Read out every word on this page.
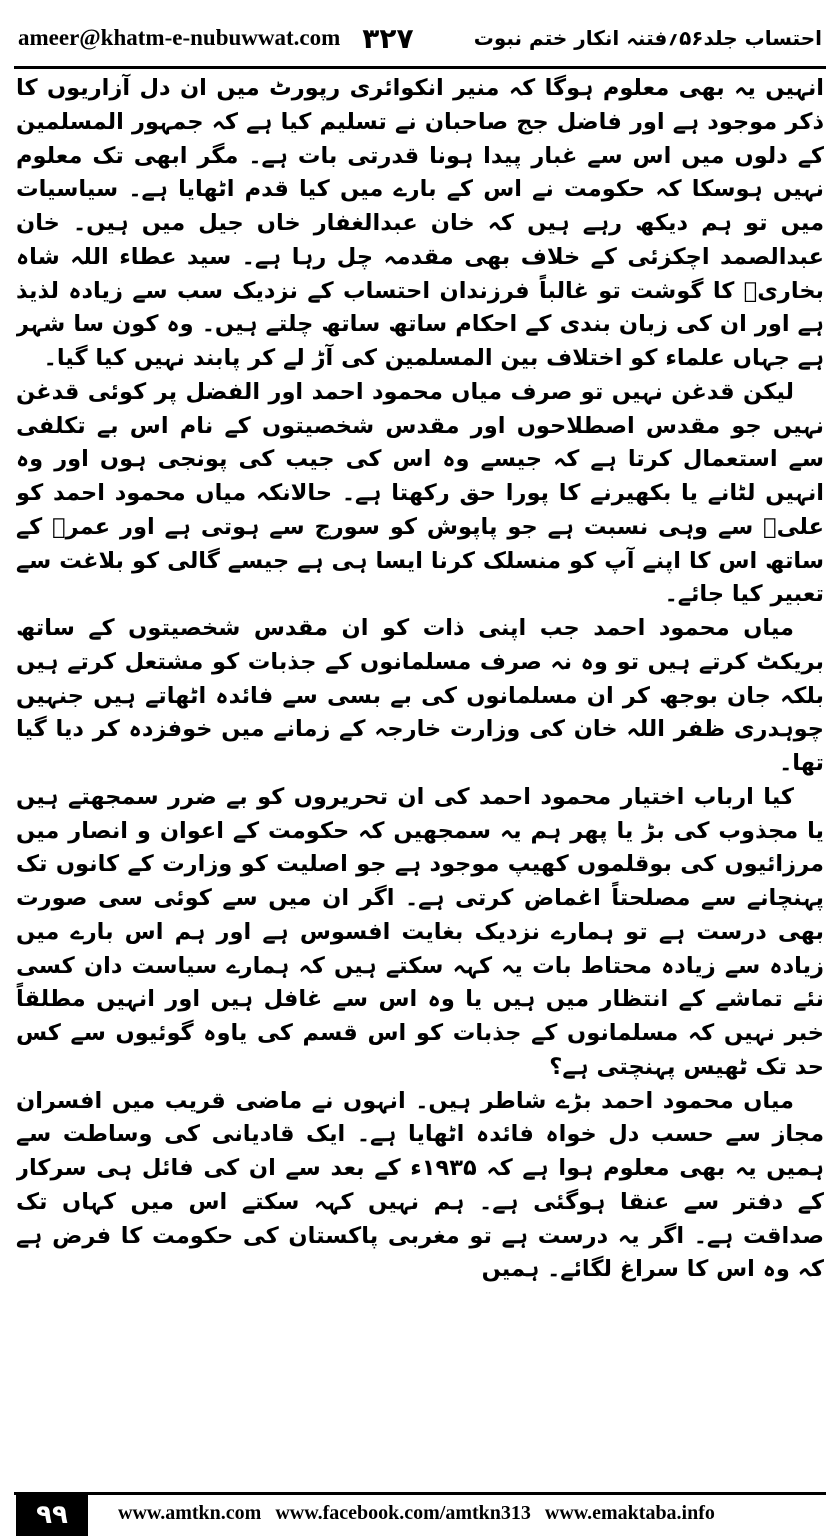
ameer@khatm-e-nubuwwat.com ۳۲۷	احتساب جلد۵۶؍فتنہ انکار ختم نبوت

انہیں یہ بھی معلوم ہوگا کہ منیر انکوائری رپورٹ میں ان دل آزاریوں کا ذکر موجود ہے اور فاضل جج صاحبان نے تسلیم کیا ہے کہ جمہور المسلمین کے دلوں میں اس سے غبار پیدا ہونا قدرتی بات ہے۔ مگر ابھی تک معلوم نہیں ہوسکا کہ حکومت نے اس کے بارے میں کیا قدم اٹھایا ہے۔ سیاسیات میں تو ہم دیکھ رہے ہیں کہ خان عبدالغفار خاں جیل میں ہیں۔ خان عبدالصمد اچکزئی کے خلاف بھی مقدمہ چل رہا ہے۔ سید عطاء اللہ شاہ بخاریؒ کا گوشت تو غالباً فرزندان احتساب کے نزدیک سب سے زیادہ لذیذ ہے اور ان کی زبان بندی کے احکام ساتھ ساتھ چلتے ہیں۔ وہ کون سا شہر ہے جہاں علماء کو اختلاف بین المسلمین کی آڑ لے کر پابند نہیں کیا گیا۔

لیکن قدغن نہیں تو صرف میاں محمود احمد اور الفضل پر کوئی قدغن نہیں جو مقدس اصطلاحوں اور مقدس شخصیتوں کے نام اس بے تکلفی سے استعمال کرتا ہے کہ جیسے وہ اس کی جیب کی پونجی ہوں اور وہ انہیں لٹانے یا بکھیرنے کا پورا حق رکھتا ہے۔ حالانکہ میاں محمود احمد کو علیؓ سے وہی نسبت ہے جو پاپوش کو سورج سے ہوتی ہے اور عمرؓ کے ساتھ اس کا اپنے آپ کو منسلک کرنا ایسا ہی ہے جیسے گالی کو بلاغت سے تعبیر کیا جائے۔

میاں محمود احمد جب اپنی ذات کو ان مقدس شخصیتوں کے ساتھ بریکٹ کرتے ہیں تو وہ نہ صرف مسلمانوں کے جذبات کو مشتعل کرتے ہیں بلکہ جان بوجھ کر ان مسلمانوں کی بے بسی سے فائدہ اٹھاتے ہیں جنہیں چوہدری ظفر اللہ خان کی وزارت خارجہ کے زمانے میں خوفزدہ کر دیا گیا تھا۔

کیا ارباب اختیار محمود احمد کی ان تحریروں کو بے ضرر سمجھتے ہیں یا مجذوب کی بڑ یا پھر ہم یہ سمجھیں کہ حکومت کے اعوان و انصار میں مرزائیوں کی بوقلموں کھیپ موجود ہے جو اصلیت کو وزارت کے کانوں تک پہنچانے سے مصلحتاً اغماض کرتی ہے۔ اگر ان میں سے کوئی سی صورت بھی درست ہے تو ہمارے نزدیک بغایت افسوس ہے اور ہم اس بارے میں زیادہ سے زیادہ محتاط بات یہ کہہ سکتے ہیں کہ ہمارے سیاست دان کسی نئے تماشے کے انتظار میں ہیں یا وہ اس سے غافل ہیں اور انہیں مطلقاً خبر نہیں کہ مسلمانوں کے جذبات کو اس قسم کی یاوہ گوئیوں سے کس حد تک ٹھیس پہنچتی ہے؟

میاں محمود احمد بڑے شاطر ہیں۔ انہوں نے ماضی قریب میں افسران مجاز سے حسب دل خواہ فائدہ اٹھایا ہے۔ ایک قادیانی کی وساطت سے ہمیں یہ بھی معلوم ہوا ہے کہ ۱۹۳۵ء کے بعد سے ان کی فائل ہی سرکار کے دفتر سے عنقا ہوگئی ہے۔ ہم نہیں کہہ سکتے اس میں کہاں تک صداقت ہے۔ اگر یہ درست ہے تو مغربی پاکستان کی حکومت کا فرض ہے کہ وہ اس کا سراغ لگائے۔ ہمیں

۹۹	www.amtkn.com www.facebook.com/amtkn313 www.emaktaba.info
